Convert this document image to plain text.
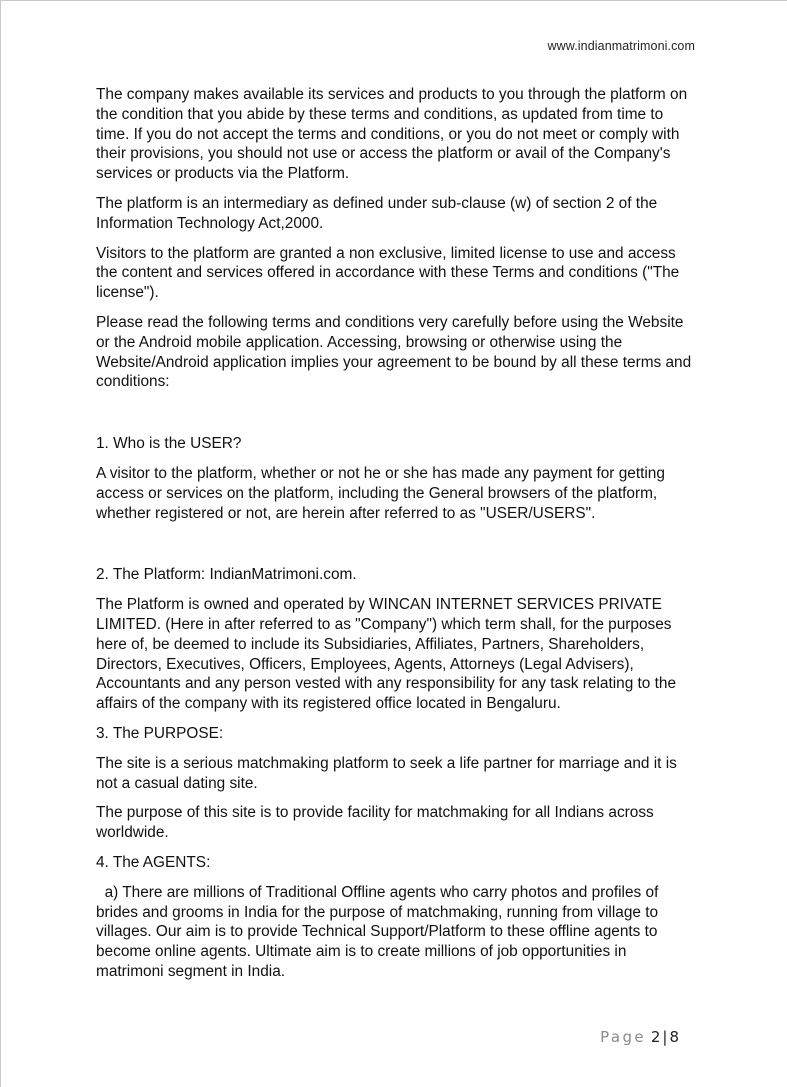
www.indianmatrimoni.com

The company makes available its services and products to you through the platform on the condition that you abide by these terms and conditions, as updated from time to time. If you do not accept the terms and conditions, or you do not meet or comply with their provisions, you should not use or access the platform or avail of the Company's services or products via the Platform.

The platform is an intermediary as defined under sub-clause (w) of section 2 of the Information Technology Act,2000.

Visitors to the platform are granted a non exclusive, limited license to use and access the content and services offered in accordance with these Terms and conditions ("The license").

Please read the following terms and conditions very carefully before using the Website or the Android mobile application. Accessing, browsing or otherwise using the Website/Android application implies your agreement to be bound by all these terms and conditions:

1. Who is the USER?

A visitor to the platform, whether or not he or she has made any payment for getting access or services on the platform, including the General browsers of the platform, whether registered or not, are herein after referred to as "USER/USERS".

2. The Platform: IndianMatrimoni.com.

The Platform is owned and operated by WINCAN INTERNET SERVICES PRIVATE LIMITED. (Here in after referred to as "Company") which term shall, for the purposes here of, be deemed to include its Subsidiaries, Affiliates, Partners, Shareholders, Directors, Executives, Officers, Employees, Agents, Attorneys (Legal Advisers), Accountants and any person vested with any responsibility for any task relating to the affairs of the company with its registered office located in Bengaluru.

3. The PURPOSE:

The site is a serious matchmaking platform to seek a life partner for marriage and it is not a casual dating site.

The purpose of this site is to provide facility for matchmaking for all Indians across worldwide.

4. The AGENTS:

a) There are millions of Traditional Offline agents who carry photos and profiles of brides and grooms in India for the purpose of matchmaking, running from village to villages. Our aim is to provide Technical Support/Platform to these offline agents to become online agents. Ultimate aim is to create millions of job opportunities in matrimoni segment in India.

Page 2 | 8
